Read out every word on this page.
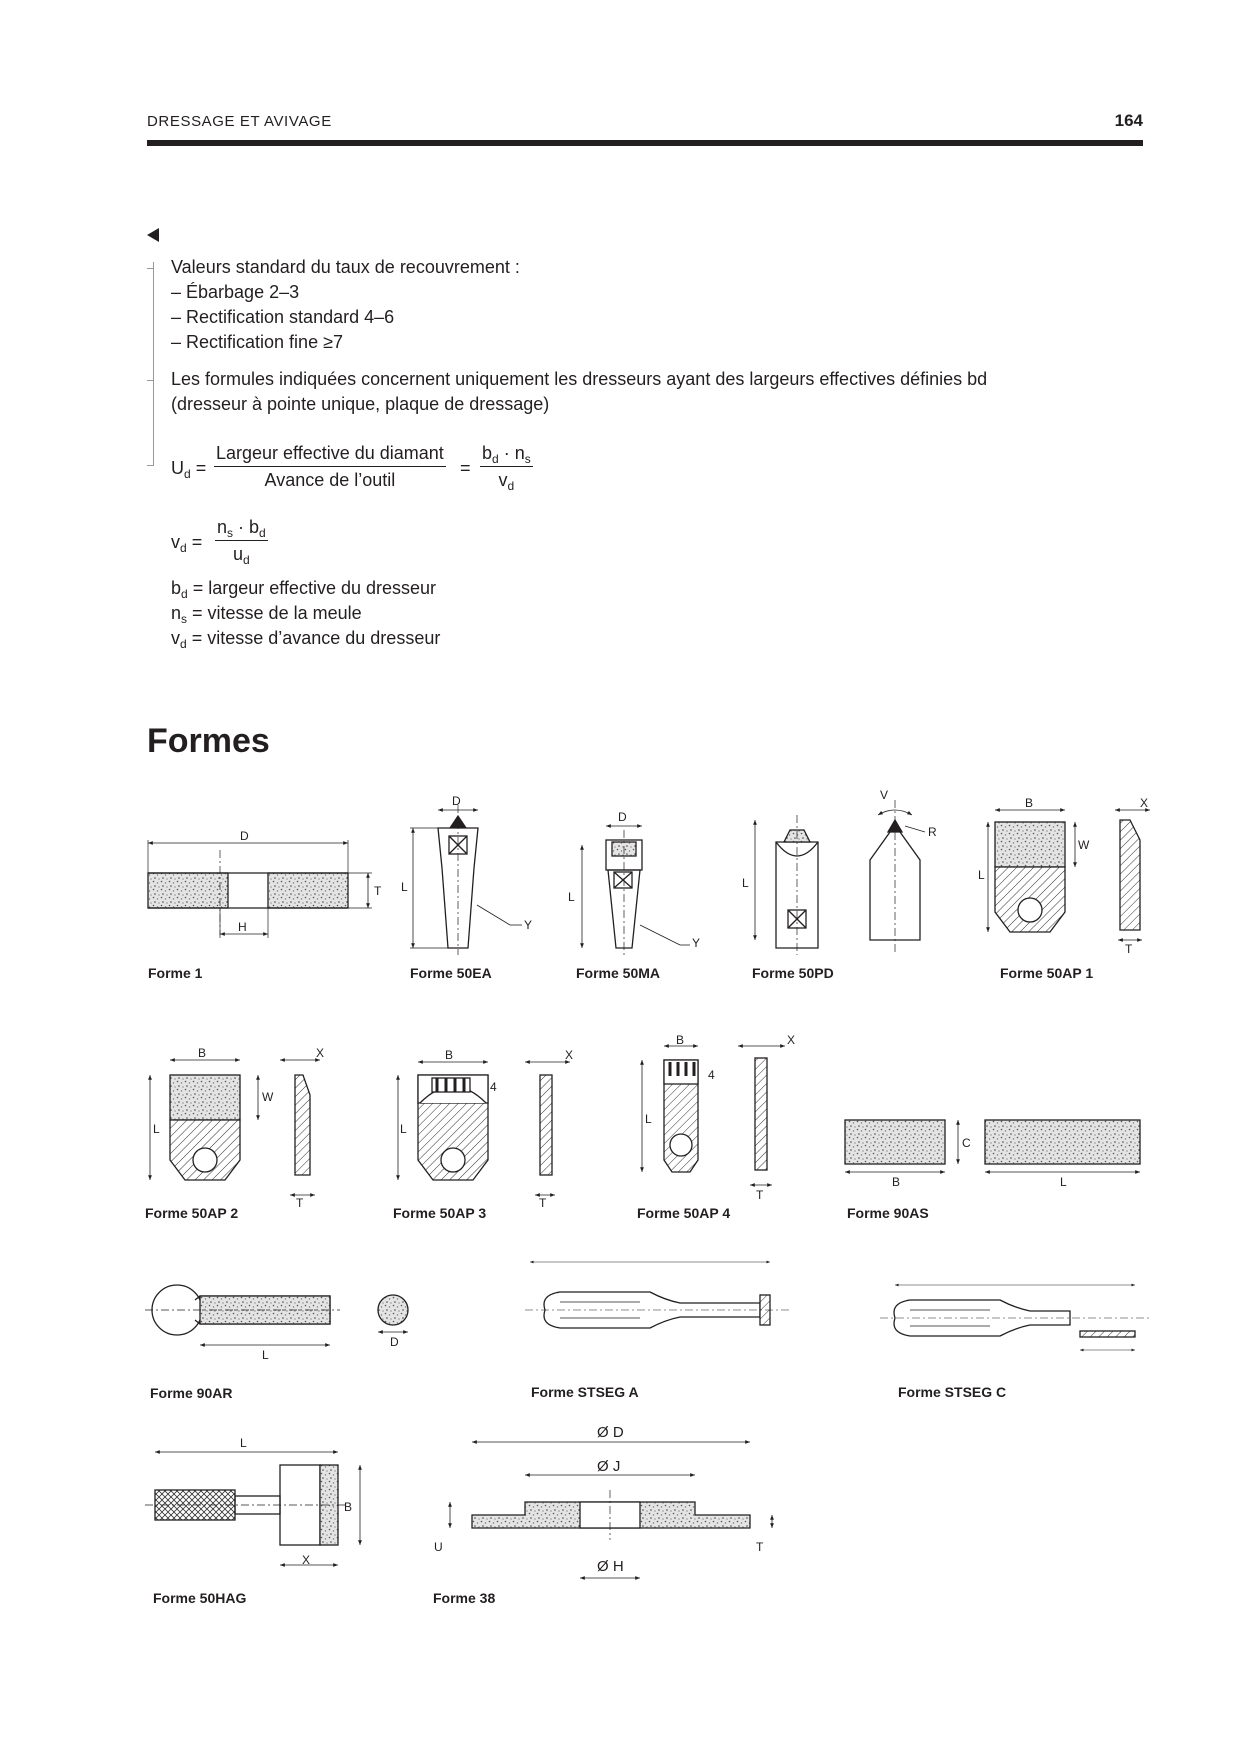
DRESSAGE ET AVIVAGE	164
Valeurs standard du taux de recouvrement :
– Ébarbage 2–3
– Rectification standard 4–6
– Rectification fine ≥7
Les formules indiquées concernent uniquement les dresseurs ayant des largeurs effectives définies bd
(dresseur à pointe unique, plaque de dressage)
$U_d$ =
Largeur effective du diamant
Avance de l’outil
= $\frac{b_d \cdot n_s}{v_d}$
$v_d = \frac{n_s \cdot b_d}{u_d}$
$b_d$ = largeur effective du dresseur
$n_s$ = vitesse de la meule
$v_d$ = vitesse d’avance du dresseur
Formes
D
H
T
D
L
Y
D
L
Y
L
V
R
B
L
W
X
T
B
L
W
X
T
B
L
4
X
T
B
L
4
X
T
B
C
L
L
D
L
B
X
Ø D
Ø J
Ø H
U	T
Forme 1	Forme 50EA	Forme 50MA	Forme 50PD	Forme 50AP 1
Forme 50AP 2	Forme 50AP 3	Forme 50AP 4	Forme 90AS
Forme 90AR	Forme STSEG A	Forme STSEG C
Forme 50HAG	Forme 38
